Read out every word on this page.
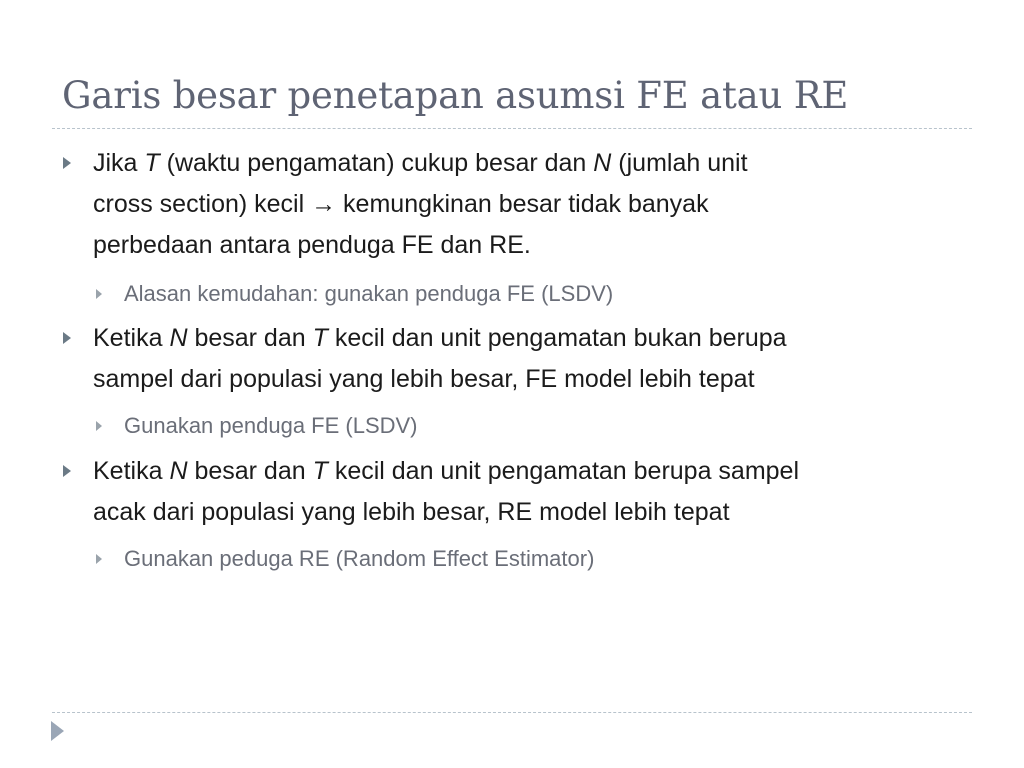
Garis besar penetapan asumsi FE atau RE
Jika T (waktu pengamatan) cukup besar dan N (jumlah unit
cross section) kecil → kemungkinan besar tidak banyak
perbedaan antara penduga FE dan RE.
Alasan kemudahan: gunakan penduga FE (LSDV)
Ketika N besar dan T kecil dan unit pengamatan bukan berupa
sampel dari populasi yang lebih besar, FE model lebih tepat
Gunakan penduga FE (LSDV)
Ketika N besar dan T kecil dan unit pengamatan berupa sampel
acak dari populasi yang lebih besar, RE model lebih tepat
Gunakan peduga RE (Random Effect Estimator)
